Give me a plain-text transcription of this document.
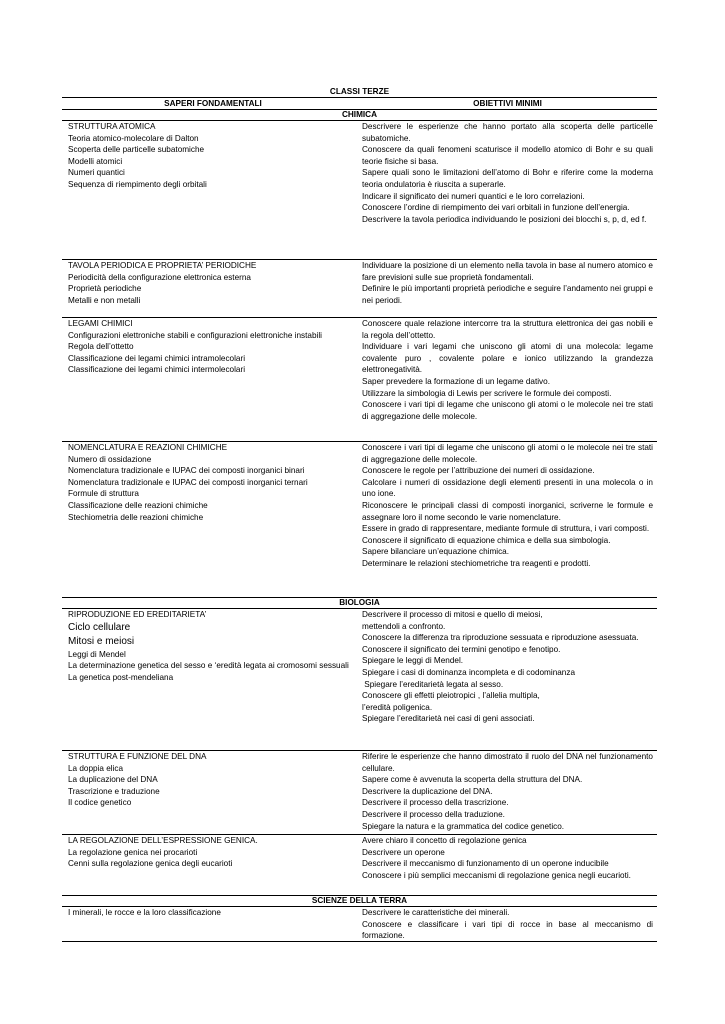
CLASSI TERZE
SAPERI FONDAMENTALI	OBIETTIVI MINIMI
CHIMICA
STRUTTURA ATOMICA
Teoria atomico-molecolare di Dalton
Scoperta delle particelle subatomiche
Modelli atomici
Numeri quantici
Sequenza di riempimento degli orbitali
Descrivere le esperienze che hanno portato alla scoperta delle particelle subatomiche.
Conoscere da quali fenomeni scaturisce il modello atomico di Bohr e su quali teorie fisiche si basa.
Sapere quali sono le limitazioni dell’atomo di Bohr e riferire come la moderna teoria ondulatoria è riuscita a superarle.
Indicare il significato dei numeri quantici e le loro correlazioni.
Conoscere l’ordine di riempimento dei vari orbitali in funzione dell’energia.
Descrivere la tavola periodica individuando le posizioni dei blocchi s, p, d, ed f.
TAVOLA PERIODICA E PROPRIETA’ PERIODICHE
Periodicità della configurazione elettronica esterna
Proprietà periodiche
Metalli e non metalli
Individuare la posizione di un elemento nella tavola in base al numero atomico e fare previsioni sulle sue proprietà fondamentali.
Definire le più importanti proprietà periodiche e seguire l’andamento nei gruppi e nei periodi.
LEGAMI CHIMICI
Configurazioni elettroniche stabili e configurazioni elettroniche instabili
Regola dell’ottetto
Classificazione dei legami chimici intramolecolari
Classificazione dei legami chimici intermolecolari
Conoscere quale relazione intercorre tra la struttura elettronica dei gas nobili e la regola dell’ottetto.
Individuare i vari legami che uniscono gli atomi di una molecola: legame covalente puro , covalente polare e ionico utilizzando la grandezza elettronegatività.
Saper prevedere la formazione di un legame dativo.
Utilizzare la simbologia di Lewis per scrivere le formule dei composti.
Conoscere i vari tipi di legame che uniscono gli atomi o le molecole nei tre stati di aggregazione delle molecole.
NOMENCLATURA E REAZIONI CHIMICHE
Numero di ossidazione
Nomenclatura tradizionale e IUPAC dei composti inorganici binari
Nomenclatura tradizionale e IUPAC dei composti inorganici ternari
Formule di struttura
Classificazione delle reazioni chimiche
Stechiometria delle reazioni chimiche
Conoscere i vari tipi di legame che uniscono gli atomi o le molecole nei tre stati di aggregazione delle molecole.
Conoscere le regole per l’attribuzione dei numeri di ossidazione.
Calcolare i numeri di ossidazione degli elementi presenti in una molecola o in uno ione.
Riconoscere le principali classi di composti inorganici, scriverne le formule e assegnare loro il nome secondo le varie nomenclature.
Essere in grado di rappresentare, mediante formule di struttura, i vari composti.
Conoscere il significato di equazione chimica e della sua simbologia.
Sapere bilanciare un’equazione chimica.
Determinare le relazioni stechiometriche tra reagenti e prodotti.
BIOLOGIA
RIPRODUZIONE ED EREDITARIETA’
Ciclo cellulare
Mitosi e meiosi
Leggi di Mendel
La determinazione genetica del sesso e ‘eredità legata ai cromosomi sessuali
La genetica post-mendeliana
Descrivere il processo di mitosi e quello di meiosi,
mettendoli a confronto.
Conoscere la differenza tra riproduzione sessuata e riproduzione asessuata.
Conoscere il significato dei termini genotipo e fenotipo.
Spiegare le leggi di Mendel.
Spiegare i casi di dominanza incompleta e di codominanza
Spiegare l’ereditarietà legata al sesso.
Conoscere gli effetti pleiotropici , l’allelia multipla,
l’eredità poligenica.
Spiegare l’ereditarietà nei casi di geni associati.
STRUTTURA E FUNZIONE DEL DNA
La doppia elica
La duplicazione del DNA
Trascrizione e traduzione
Il codice genetico
Riferire le esperienze che hanno dimostrato il ruolo del DNA nel funzionamento cellulare.
Sapere come è avvenuta la scoperta della struttura del DNA.
Descrivere la duplicazione del DNA.
Descrivere il processo della trascrizione.
Descrivere il processo della traduzione.
Spiegare la natura e la grammatica del codice genetico.
LA REGOLAZIONE DELL’ESPRESSIONE GENICA.
La regolazione genica nei procarioti
Cenni sulla regolazione genica degli eucarioti
Avere chiaro il concetto di regolazione genica
Descrivere un operone
Descrivere il meccanismo di funzionamento di un operone inducibile
Conoscere i più semplici meccanismi di regolazione genica negli eucarioti.
SCIENZE DELLA TERRA
I minerali, le rocce e la loro classificazione	Descrivere le caratteristiche dei minerali.
Conoscere e classificare i vari tipi di rocce in base al meccanismo di formazione.
